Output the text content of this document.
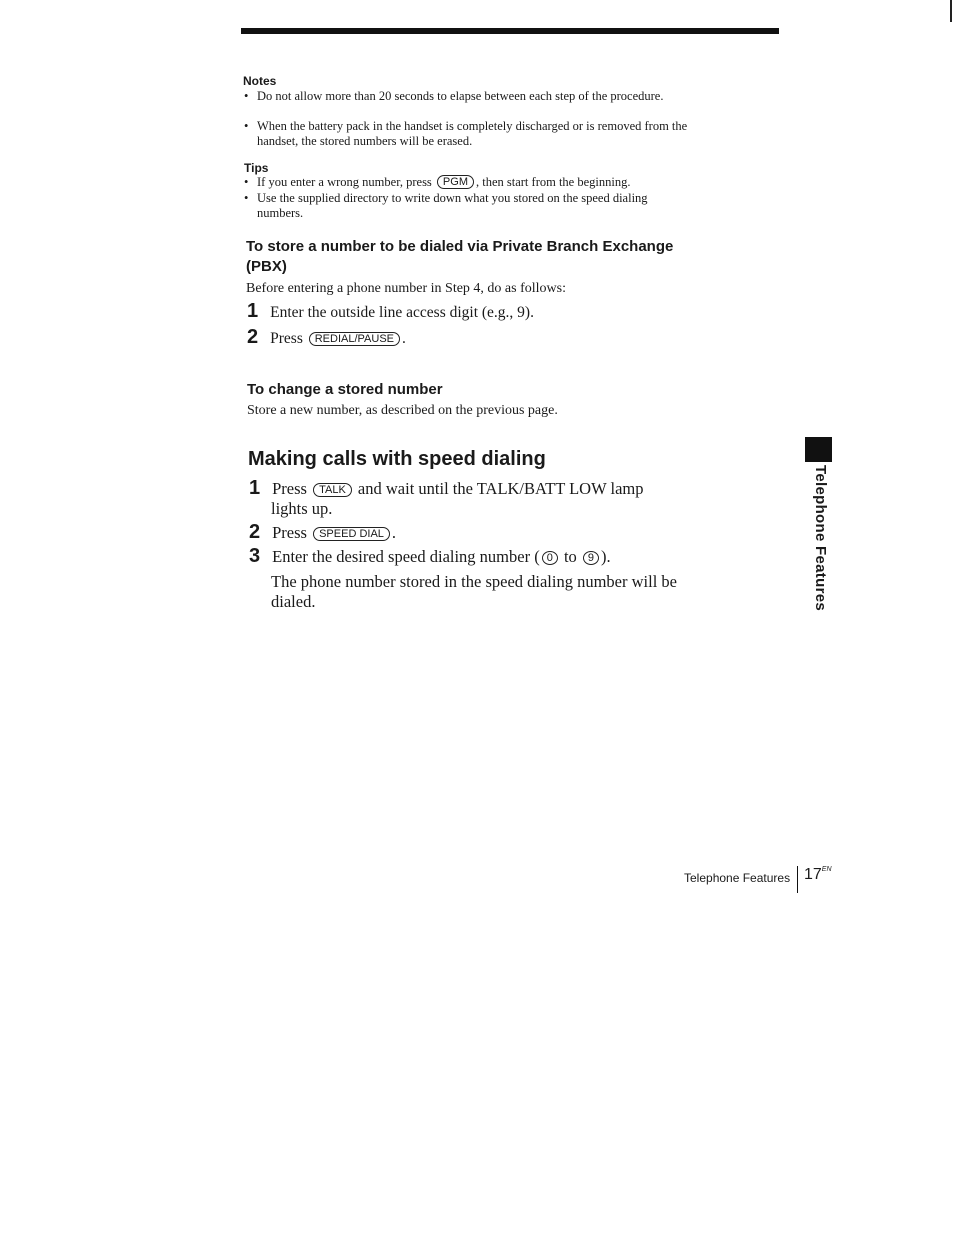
Notes
• Do not allow more than 20 seconds to elapse between each step of the procedure.
• When the battery pack in the handset is completely discharged or is removed from the handset, the stored numbers will be erased.
Tips
• If you enter a wrong number, press PGM , then start from the beginning.
• Use the supplied directory to write down what you stored on the speed dialing numbers.
To store a number to be dialed via Private Branch Exchange (PBX)
Before entering a phone number in Step 4, do as follows:
1 Enter the outside line access digit (e.g., 9).
2 Press REDIAL/PAUSE .
To change a stored number
Store a new number, as described on the previous page.
Making calls with speed dialing
1 Press TALK and wait until the TALK/BATT LOW lamp
lights up.
2 Press SPEED DIAL .
3 Enter the desired speed dialing number ( 0 to 9 ).
The phone number stored in the speed dialing number will be dialed.	Telephone Features
Telephone Features $17^{EN}$
